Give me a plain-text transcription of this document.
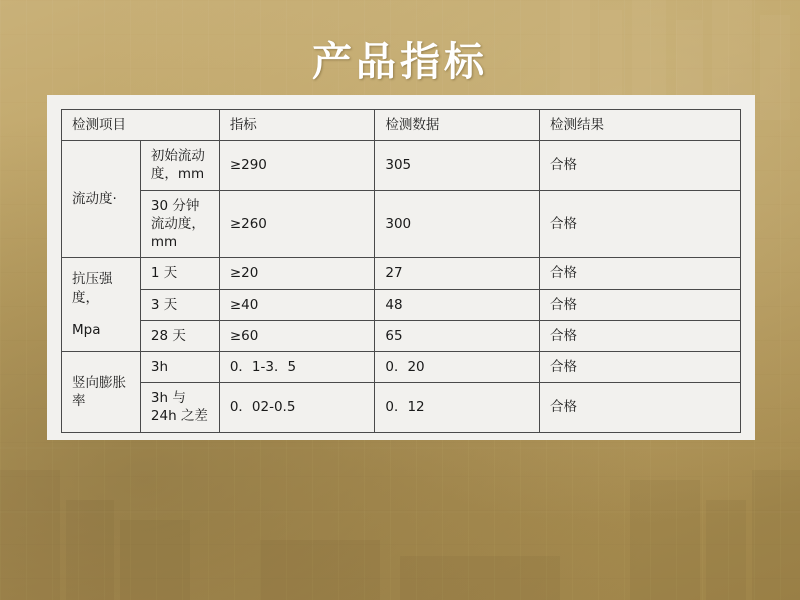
产品指标
检测项目		指标	检测数据	检测结果
流动度·	初始流动度，mm	≥290	305	合格
	30 分钟流动度，mm	≥260	300	合格

抗压强度，
Mpa	1 天	≥20	27	合格
	3 天	≥40	48	合格
	28 天	≥60	65	合格
竖向膨胀率	3h	0．1-3．5	0．20	合格
	3h 与 24h 之差	0．02-0.5	0．12	合格
